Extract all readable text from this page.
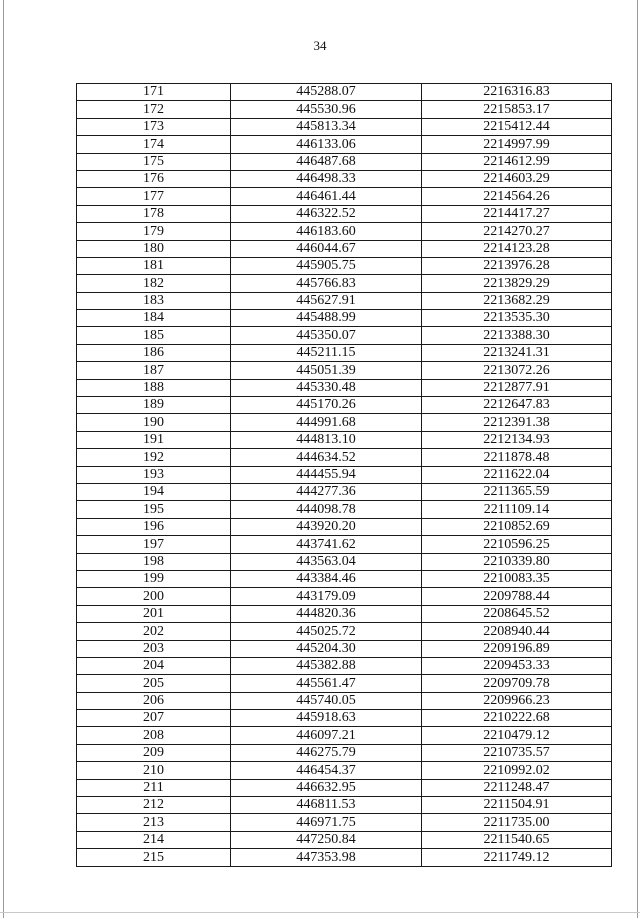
34
171	445288.07	2216316.83
172	445530.96	2215853.17
173	445813.34	2215412.44
174	446133.06	2214997.99
175	446487.68	2214612.99
176	446498.33	2214603.29
177	446461.44	2214564.26
178	446322.52	2214417.27
179	446183.60	2214270.27
180	446044.67	2214123.28
181	445905.75	2213976.28
182	445766.83	2213829.29
183	445627.91	2213682.29
184	445488.99	2213535.30
185	445350.07	2213388.30
186	445211.15	2213241.31
187	445051.39	2213072.26
188	445330.48	2212877.91
189	445170.26	2212647.83
190	444991.68	2212391.38
191	444813.10	2212134.93
192	444634.52	2211878.48
193	444455.94	2211622.04
194	444277.36	2211365.59
195	444098.78	2211109.14
196	443920.20	2210852.69
197	443741.62	2210596.25
198	443563.04	2210339.80
199	443384.46	2210083.35
200	443179.09	2209788.44
201	444820.36	2208645.52
202	445025.72	2208940.44
203	445204.30	2209196.89
204	445382.88	2209453.33
205	445561.47	2209709.78
206	445740.05	2209966.23
207	445918.63	2210222.68
208	446097.21	2210479.12
209	446275.79	2210735.57
210	446454.37	2210992.02
211	446632.95	2211248.47
212	446811.53	2211504.91
213	446971.75	2211735.00
214	447250.84	2211540.65
215	447353.98	2211749.12
